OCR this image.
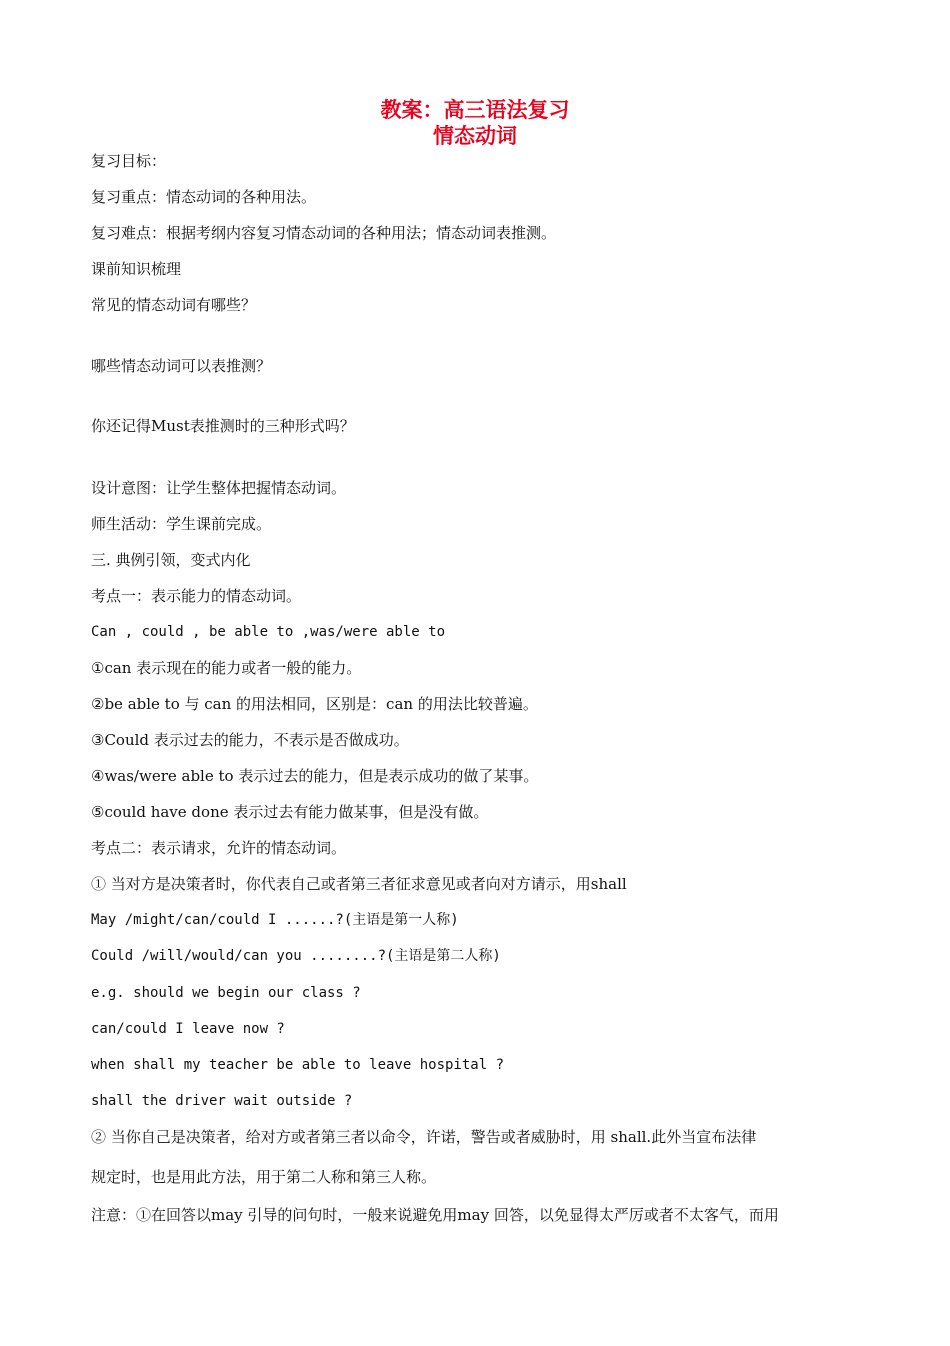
教案：高三语法复习
情态动词
复习目标：
复习重点：情态动词的各种用法。
复习难点：根据考纲内容复习情态动词的各种用法；情态动词表推测。
课前知识梳理
常见的情态动词有哪些？
哪些情态动词可以表推测？
你还记得Must表推测时的三种形式吗？
设计意图：让学生整体把握情态动词。
师生活动：学生课前完成。
三. 典例引领，变式内化
考点一：表示能力的情态动词。
Can , could , be able to ,was/were able to
①can 表示现在的能力或者一般的能力。
②be able to 与 can 的用法相同，区别是：can 的用法比较普遍。
③Could 表示过去的能力，不表示是否做成功。
④was/were able to 表示过去的能力，但是表示成功的做了某事。
⑤could have done 表示过去有能力做某事，但是没有做。
考点二：表示请求，允许的情态动词。
① 当对方是决策者时，你代表自己或者第三者征求意见或者向对方请示，用shall
May /might/can/could I ......?(主语是第一人称)
Could /will/would/can you ........?(主语是第二人称)
e.g. should we begin our class ?
can/could I leave now ?
when shall my teacher be able to leave hospital ?
shall the driver wait outside ?
② 当你自己是决策者，给对方或者第三者以命令，许诺，警告或者威胁时，用 shall.此外当宣布法律
规定时，也是用此方法，用于第二人称和第三人称。
注意：①在回答以may 引导的问句时，一般来说避免用may 回答，以免显得太严厉或者不太客气，而用
